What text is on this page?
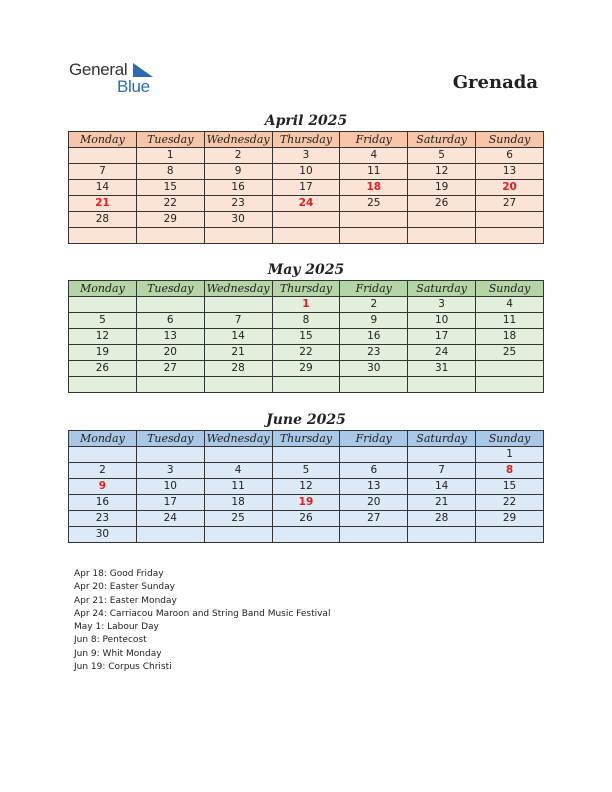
General
Blue	Grenada
April 2025
Monday	Tuesday	Wednesday	Thursday	Friday	Saturday	Sunday
	1	2	3	4	5	6
7	8	9	10	11	12	13
14	15	16	17	18	19	20
21	22	23	24	25	26	27
28	29	30				

May 2025
Monday	Tuesday	Wednesday	Thursday	Friday	Saturday	Sunday
			1	2	3	4
5	6	7	8	9	10	11
12	13	14	15	16	17	18
19	20	21	22	23	24	25
26	27	28	29	30	31	

June 2025
Monday	Tuesday	Wednesday	Thursday	Friday	Saturday	Sunday
						1
2	3	4	5	6	7	8
9	10	11	12	13	14	15
16	17	18	19	20	21	22
23	24	25	26	27	28	29
30						
Apr 18: Good Friday
Apr 20: Easter Sunday
Apr 21: Easter Monday
Apr 24: Carriacou Maroon and String Band Music Festival
May 1: Labour Day
Jun 8: Pentecost
Jun 9: Whit Monday
Jun 19: Corpus Christi
